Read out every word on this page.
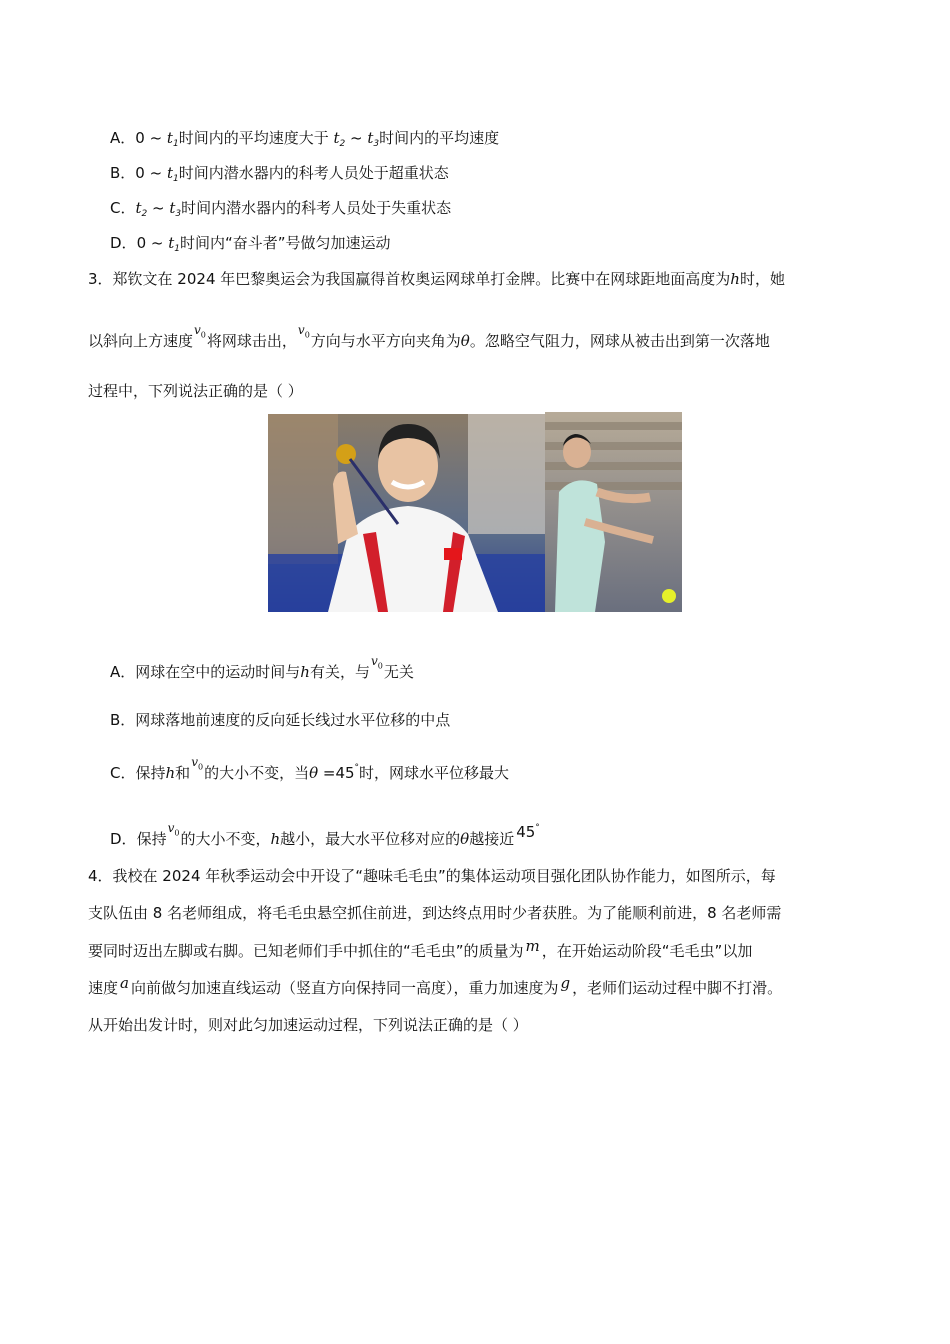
A．0 ~ $t_1$时间内的平均速度大于 $t_2$ ~ $t_3$时间内的平均速度
B．0 ~ $t_1$时间内潜水器内的科考人员处于超重状态
C．$t_2$ ~ $t_3$时间内潜水器内的科考人员处于失重状态
D．0 ~ $t_1$时间内“奋斗者”号做匀加速运动
3．郑钦文在 2024 年巴黎奥运会为我国赢得首枚奥运网球单打金牌。比赛中在网球距地面高度为h时，她
以斜向上方速度$^{v_0}$将网球击出，$^{v_0}$方向与水平方向夹角为θ。忽略空气阻力，网球从被击出到第一次落地
过程中，下列说法正确的是（ ）
A．网球在空中的运动时间与h有关，与$^{v_0}$无关
B．网球落地前速度的反向延长线过水平位移的中点
C．保持h和$^{v_0}$的大小不变，当θ =45°时，网球水平位移最大
D．保持$^{v_0}$的大小不变，h越小，最大水平位移对应的θ越接近 45°
4．我校在 2024 年秋季运动会中开设了“趣味毛毛虫”的集体运动项目强化团队协作能力，如图所示，每
支队伍由 8 名老师组成，将毛毛虫悬空抓住前进，到达终点用时少者获胜。为了能顺利前进，8 名老师需
要同时迈出左脚或右脚。已知老师们手中抓住的“毛毛虫”的质量为 m ，在开始运动阶段“毛毛虫”以加
速度 a 向前做匀加速直线运动（竖直方向保持同一高度），重力加速度为 g ，老师们运动过程中脚不打滑。
从开始出发计时，则对此匀加速运动过程，下列说法正确的是（ ）
